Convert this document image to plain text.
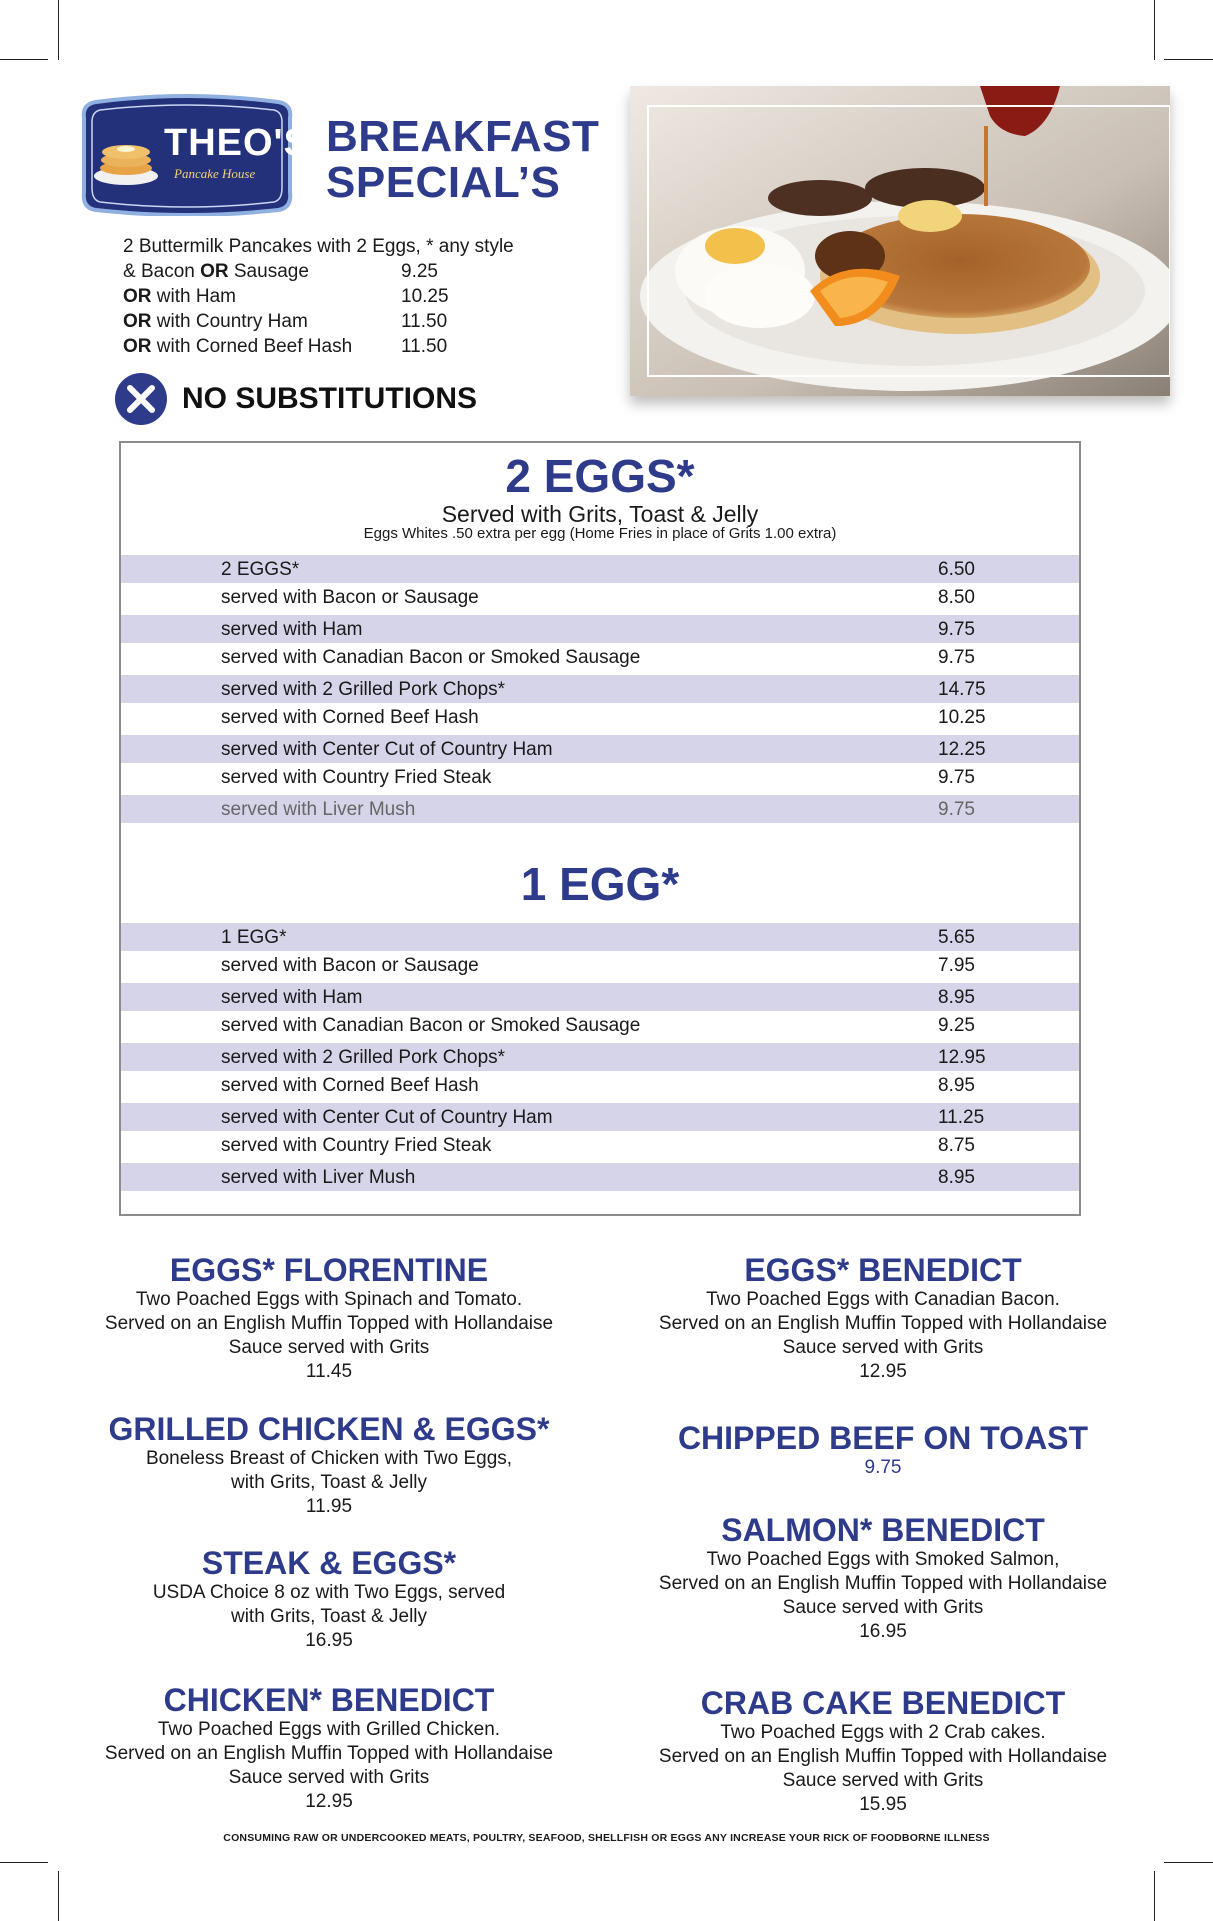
THEO'S
Pancake House
BREAKFAST
SPECIAL’S
2 Buttermilk Pancakes with 2 Eggs, * any style
& Bacon OR Sausage	9.25
OR with Ham	10.25
OR with Country Ham	11.50
OR with Corned Beef Hash	11.50
NO SUBSTITUTIONS
2 EGGS*
Served with Grits, Toast & Jelly
Eggs Whites .50 extra per egg (Home Fries in place of Grits 1.00 extra)
2 EGGS*	6.50
served with Bacon or Sausage	8.50
served with Ham	9.75
served with Canadian Bacon or Smoked Sausage	9.75
served with 2 Grilled Pork Chops*	14.75
served with Corned Beef Hash	10.25
served with Center Cut of Country Ham	12.25
served with Country Fried Steak	9.75
served with Liver Mush	9.75
1 EGG*
1 EGG*	5.65
served with Bacon or Sausage	7.95
served with Ham	8.95
served with Canadian Bacon or Smoked Sausage	9.25
served with 2 Grilled Pork Chops*	12.95
served with Corned Beef Hash	8.95
served with Center Cut of Country Ham	11.25
served with Country Fried Steak	8.75
served with Liver Mush	8.95
EGGS* FLORENTINE
Two Poached Eggs with Spinach and Tomato.
Served on an English Muffin Topped with Hollandaise
Sauce served with Grits
11.45
GRILLED CHICKEN & EGGS*
Boneless Breast of Chicken with Two Eggs,
with Grits, Toast & Jelly
11.95
STEAK & EGGS*
USDA Choice 8 oz with Two Eggs, served
with Grits, Toast & Jelly
16.95
CHICKEN* BENEDICT
Two Poached Eggs with Grilled Chicken.
Served on an English Muffin Topped with Hollandaise
Sauce served with Grits
12.95
EGGS* BENEDICT
Two Poached Eggs with Canadian Bacon.
Served on an English Muffin Topped with Hollandaise
Sauce served with Grits
12.95
CHIPPED BEEF ON TOAST
9.75
SALMON* BENEDICT
Two Poached Eggs with Smoked Salmon,
Served on an English Muffin Topped with Hollandaise
Sauce served with Grits
16.95
CRAB CAKE BENEDICT
Two Poached Eggs with 2 Crab cakes.
Served on an English Muffin Topped with Hollandaise
Sauce served with Grits
15.95
CONSUMING RAW OR UNDERCOOKED MEATS, POULTRY, SEAFOOD, SHELLFISH OR EGGS ANY INCREASE YOUR RICK OF FOODBORNE ILLNESS
